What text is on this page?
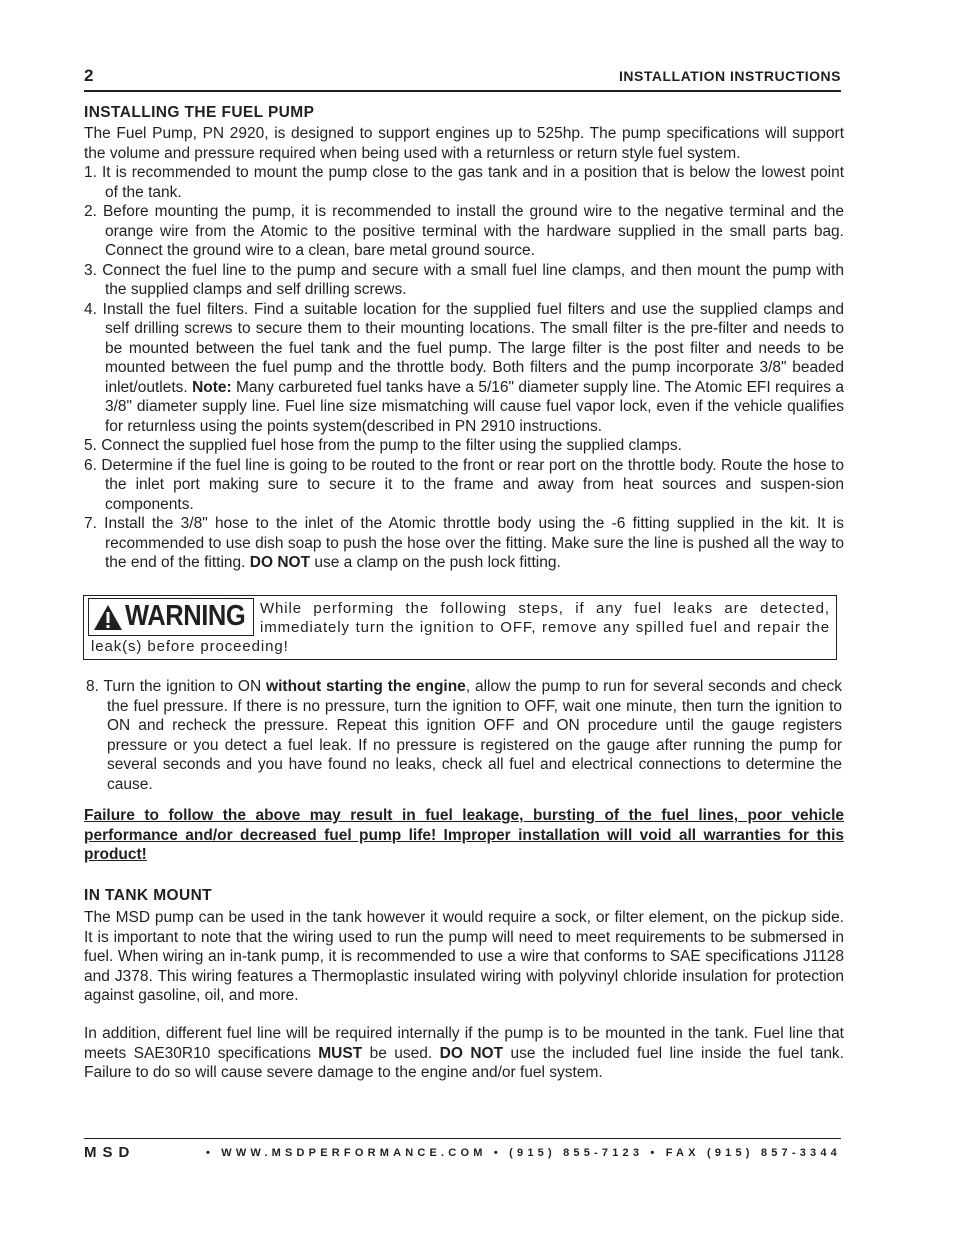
2	INSTALLATION INSTRUCTIONS
INSTALLING THE FUEL PUMP

The Fuel Pump, PN 2920, is designed to support engines up to 525hp. The pump specifications will support the volume and pressure required when being used with a returnless or return style fuel system.

1. It is recommended to mount the pump close to the gas tank and in a position that is below the lowest point of the tank.
2. Before mounting the pump, it is recommended to install the ground wire to the negative terminal and the orange wire from the Atomic to the positive terminal with the hardware supplied in the small parts bag. Connect the ground wire to a clean, bare metal ground source.
3. Connect the fuel line to the pump and secure with a small fuel line clamps, and then mount the pump with the supplied clamps and self drilling screws.
4. Install the fuel filters. Find a suitable location for the supplied fuel filters and use the supplied clamps and self drilling screws to secure them to their mounting locations. The small filter is the pre-filter and needs to be mounted between the fuel tank and the fuel pump. The large filter is the post filter and needs to be mounted between the fuel pump and the throttle body. Both filters and the pump incorporate 3/8" beaded inlet/outlets. Note: Many carbureted fuel tanks have a 5/16" diameter supply line. The Atomic EFI requires a 3/8" diameter supply line. Fuel line size mismatching will cause fuel vapor lock, even if the vehicle qualifies for returnless using the points system(described in PN 2910 instructions.
5. Connect the supplied fuel hose from the pump to the filter using the supplied clamps.
6. Determine if the fuel line is going to be routed to the front or rear port on the throttle body. Route the hose to the inlet port making sure to secure it to the frame and away from heat sources and suspen-sion components.
7. Install the 3/8" hose to the inlet of the Atomic throttle body using the -6 fitting supplied in the kit. It is recommended to use dish soap to push the hose over the fitting. Make sure the line is pushed all the way to the end of the fitting. DO NOT use a clamp on the push lock fitting.
WARNING While performing the following steps, if any fuel leaks are detected, immediately turn the ignition to OFF, remove any spilled fuel and repair the leak(s) before proceeding!

8. Turn the ignition to ON without starting the engine, allow the pump to run for several seconds and check the fuel pressure. If there is no pressure, turn the ignition to OFF, wait one minute, then turn the ignition to ON and recheck the pressure. Repeat this ignition OFF and ON procedure until the gauge registers pressure or you detect a fuel leak. If no pressure is registered on the gauge after running the pump for several seconds and you have found no leaks, check all fuel and electrical connections to determine the cause.

Failure to follow the above may result in fuel leakage, bursting of the fuel lines, poor vehicle performance and/or decreased fuel pump life! Improper installation will void all warranties for this product!

IN TANK MOUNT

The MSD pump can be used in the tank however it would require a sock, or filter element, on the pickup side. It is important to note that the wiring used to run the pump will need to meet requirements to be submersed in fuel. When wiring an in-tank pump, it is recommended to use a wire that conforms to SAE specifications J1128 and J378. This wiring features a Thermoplastic insulated wiring with polyvinyl chloride insulation for protection against gasoline, oil, and more.

In addition, different fuel line will be required internally if the pump is to be mounted in the tank. Fuel line that meets SAE30R10 specifications MUST be used. DO NOT use the included fuel line inside the fuel tank. Failure to do so will cause severe damage to the engine and/or fuel system.

MSD	• WWW.MSDPERFORMANCE.COM • (915) 855-7123 • FAX (915) 857-3344
